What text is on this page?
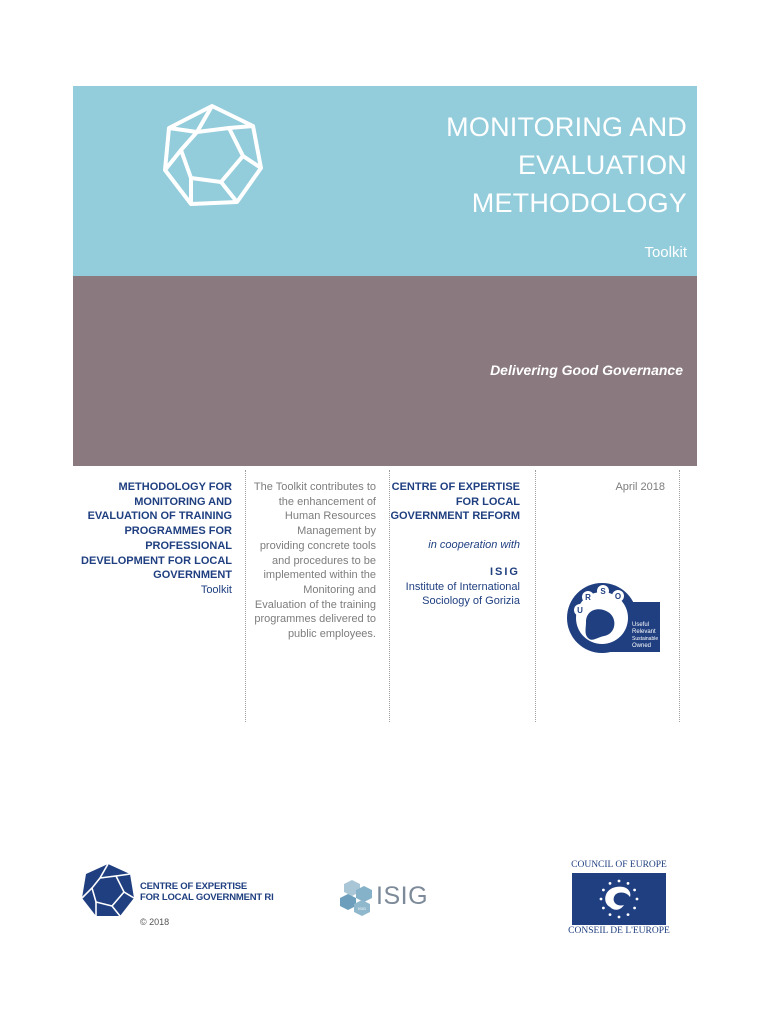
MONITORING AND EVALUATION METHODOLOGY
Toolkit
Delivering Good Governance
METHODOLOGY FOR MONITORING AND EVALUATION OF TRAINING PROGRAMMES FOR PROFESSIONAL DEVELOPMENT FOR LOCAL GOVERNMENT
Toolkit
The Toolkit contributes to the enhancement of Human Resources Management by providing concrete tools and procedures to be implemented within the Monitoring and Evaluation of the training programmes delivered to public employees.
CENTRE OF EXPERTISE FOR LOCAL GOVERNMENT REFORM
in cooperation with
ISIG
Institute of International Sociology of Gorizia
April 2018
U
R
S
O
Useful
Relevant
Sustainable
Owned
CENTRE OF EXPERTISE
FOR LOCAL GOVERNMENT RI
© 2018
ISIG ISIG
COUNCIL OF EUROPE
CONSEIL DE L'EUROPE
